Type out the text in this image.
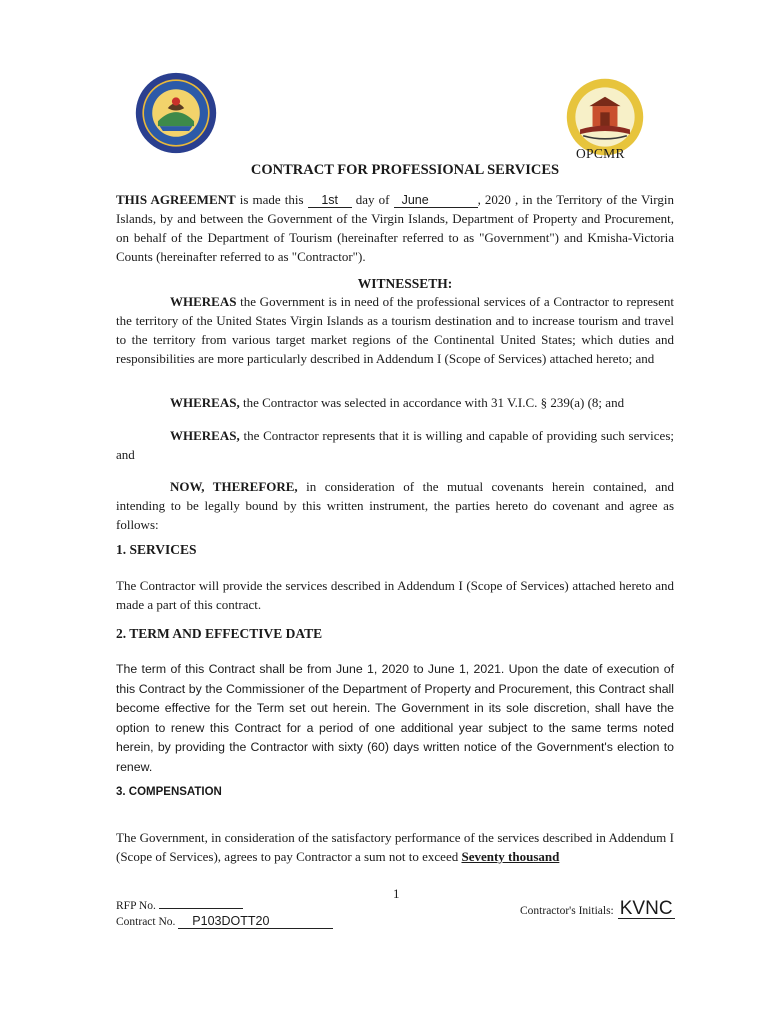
OPCMR
CONTRACT FOR PROFESSIONAL SERVICES
THIS AGREEMENT is made this 1st day of June	, 2020 , in the Territory of the Virgin Islands, by and between the Government of the Virgin Islands, Department of Property and Procurement, on behalf of the Department of Tourism (hereinafter referred to as "Government") and Kmisha-Victoria Counts (hereinafter referred to as "Contractor").
WITNESSETH:
WHEREAS the Government is in need of the professional services of a Contractor to represent the territory of the United States Virgin Islands as a tourism destination and to increase tourism and travel to the territory from various target market regions of the Continental United States; which duties and responsibilities are more particularly described in Addendum I (Scope of Services) attached hereto; and
WHEREAS, the Contractor was selected in accordance with 31 V.I.C. § 239(a) (8; and
WHEREAS, the Contractor represents that it is willing and capable of providing such services; and
NOW, THEREFORE, in consideration of the mutual covenants herein contained, and intending to be legally bound by this written instrument, the parties hereto do covenant and agree as follows:
1. SERVICES
The Contractor will provide the services described in Addendum I (Scope of Services) attached hereto and made a part of this contract.
2. TERM AND EFFECTIVE DATE
The term of this Contract shall be from June 1, 2020 to June 1, 2021. Upon the date of execution of this Contract by the Commissioner of the Department of Property and Procurement, this Contract shall become effective for the Term set out herein. The Government in its sole discretion, shall have the option to renew this Contract for a period of one additional year subject to the same terms noted herein, by providing the Contractor with sixty (60) days written notice of the Government's election to renew.
3. COMPENSATION
The Government, in consideration of the satisfactory performance of the services described in Addendum I (Scope of Services), agrees to pay Contractor a sum not to exceed Seventy thousand
1
RFP No.
Contract No. P103DOTT20
Contractor's Initials: KVNC
